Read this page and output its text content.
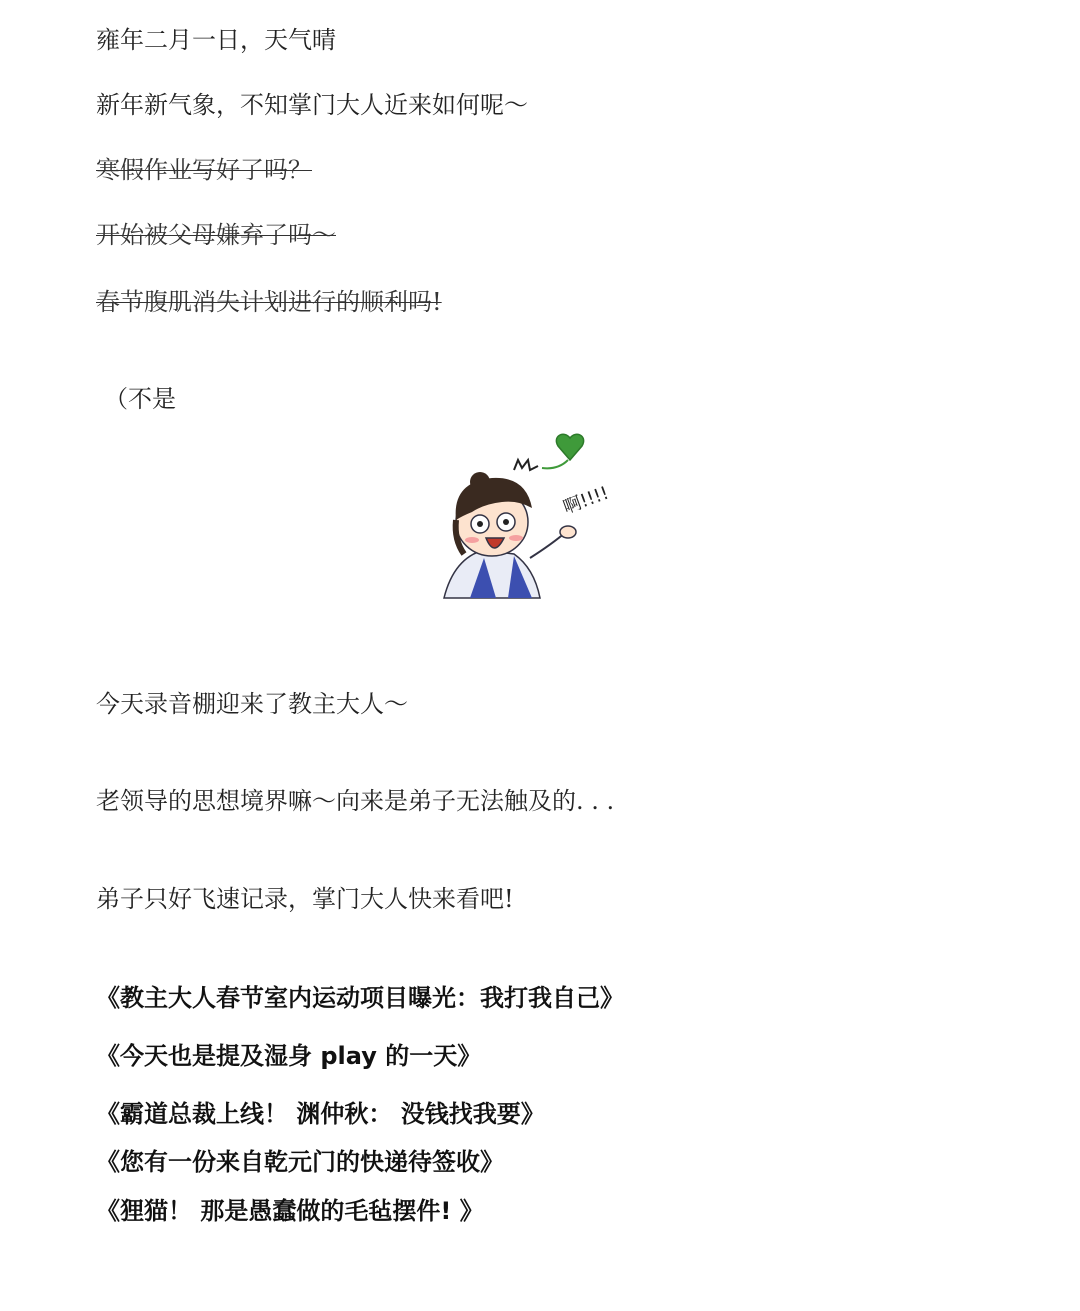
雍年二月一日，天气晴

新年新气象，不知掌门大人近来如何呢～

寒假作业写好了吗？

开始被父母嫌弃了吗～

春节腹肌消失计划进行的顺利吗!

（不是

啊!!!!

今天录音棚迎来了教主大人～

老领导的思想境界嘛～向来是弟子无法触及的. . .

弟子只好飞速记录，掌门大人快来看吧!

《教主大人春节室内运动项目曝光：我打我自己》

《今天也是提及湿身 play 的一天》

《霸道总裁上线！ 渊仲秋： 没钱找我要》

《您有一份来自乾元门的快递待签收》

《狸猫！ 那是愚蠢做的毛毡摆件! 》
